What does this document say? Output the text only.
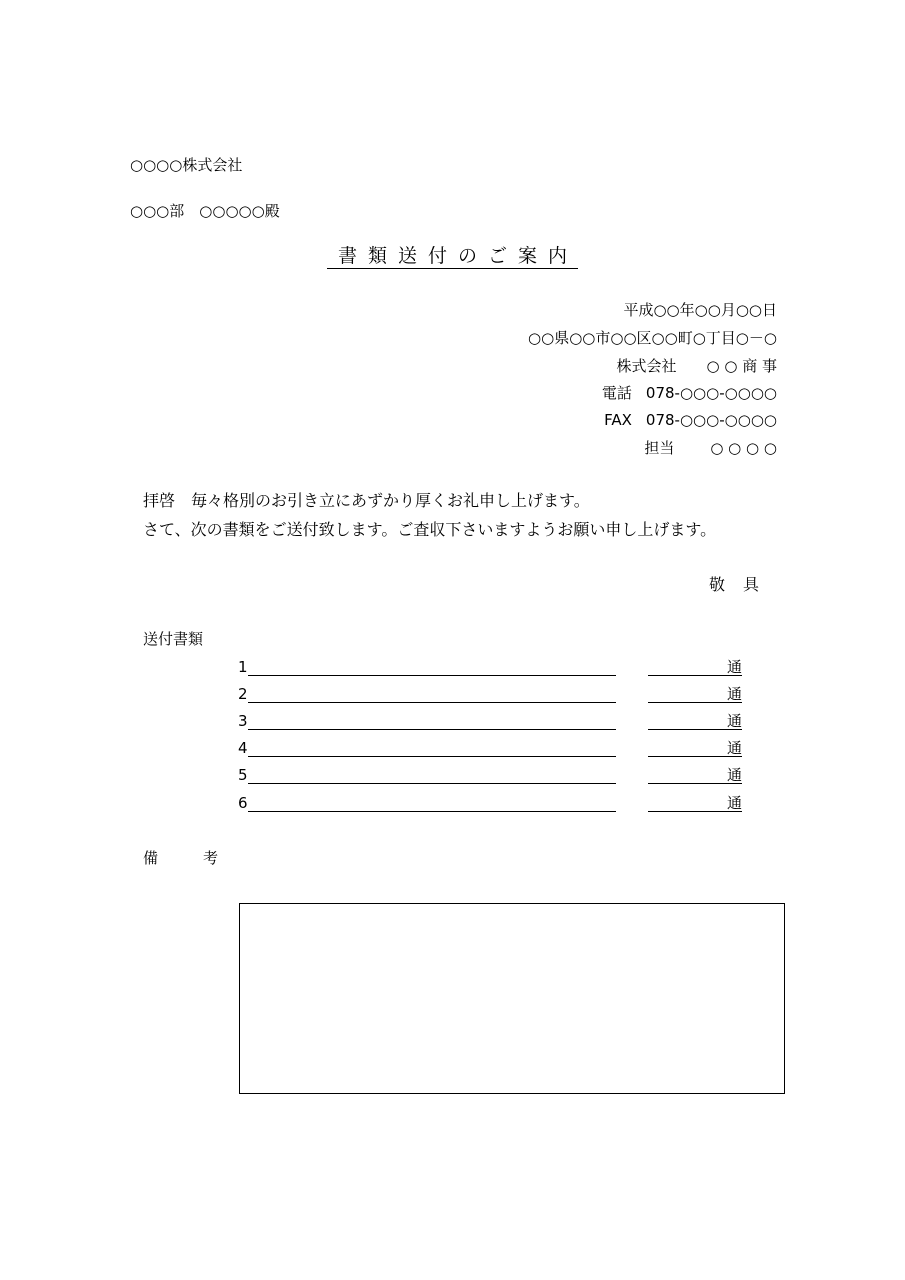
○○○○株式会社
○○○部　○○○○○殿
書類送付のご案内
平成○○年○○月○○日
○○県○○市○○区○○町○丁目○－○
株式会社 ○ ○ 商 事
電話 078-○○○-○○○○
FAX 078-○○○-○○○○
担当 ○ ○ ○ ○
拝啓　毎々格別のお引き立にあずかり厚くお礼申し上げます。
さて、次の書類をご送付致します。ご査収下さいますようお願い申し上げます。
敬具
送付書類
1	通
2	通
3	通
4	通
5	通
6	通
備考
